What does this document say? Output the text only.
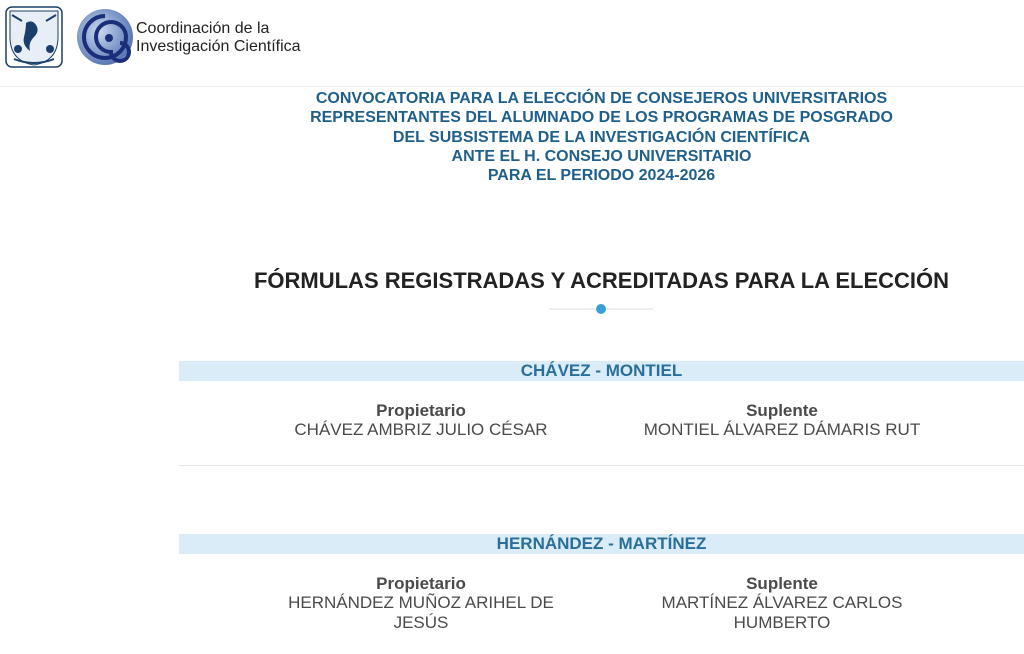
Coordinación de la
Investigación Científica
CONVOCATORIA PARA LA ELECCIÓN DE CONSEJEROS UNIVERSITARIOS
REPRESENTANTES DEL ALUMNADO DE LOS PROGRAMAS DE POSGRADO
DEL SUBSISTEMA DE LA INVESTIGACIÓN CIENTÍFICA
ANTE EL H. CONSEJO UNIVERSITARIO
PARA EL PERIODO 2024-2026
FÓRMULAS REGISTRADAS Y ACREDITADAS PARA LA ELECCIÓN
CHÁVEZ - MONTIEL
Propietario
CHÁVEZ AMBRIZ JULIO CÉSAR
Suplente
MONTIEL ÁLVAREZ DÁMARIS RUT
HERNÁNDEZ - MARTÍNEZ
Propietario
HERNÁNDEZ MUÑOZ ARIHEL DE JESÚS
Suplente
MARTÍNEZ ÁLVAREZ CARLOS HUMBERTO
